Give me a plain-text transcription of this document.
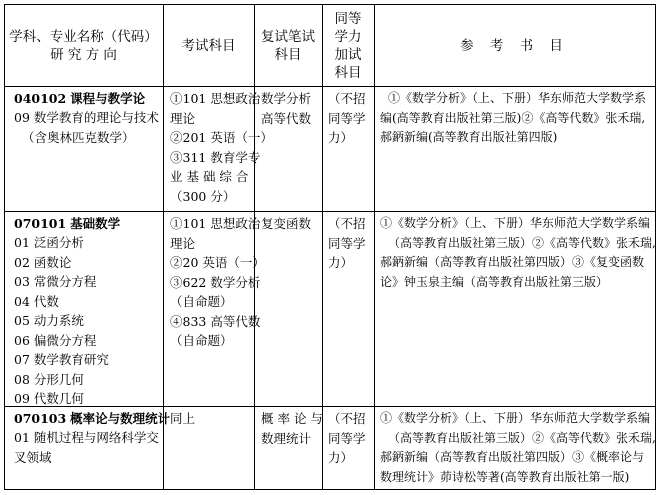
学科、专业名称（代码）
研 究 方 向
考试科目
复试笔试
科目
同等
学力
加试
科目
参 考 书 目
040102 课程与教学论
09 数学教育的理论与技术
（含奥林匹克数学）
①101 思想政治
理论
②201 英语（一）
③311 教育学专
业 基 础 综 合
（300 分）
数学分析
高等代数
（不招
同等学
力）
①《数学分析》（上、下册）华东师范大学数学系
编(高等教育出版社第三版)②《高等代数》张禾瑞,
郝鈵新编(高等教育出版社第四版)
070101 基础数学
01 泛函分析
02 函数论
03 常微分方程
04 代数
05 动力系统
06 偏微分方程
07 数学教育研究
08 分形几何
09 代数几何
①101 思想政治
理论
②20 英语（一）
③622 数学分析
（自命题）
④833 高等代数
（自命题）
复变函数 （不招
同等学
力）
①《数学分析》（上、下册）华东师范大学数学系编
（高等教育出版社第三版）②《高等代数》张禾瑞,
郝鈵新编（高等教育出版社第四版）③《复变函数
论》钟玉泉主编（高等教育出版社第三版）
070103 概率论与数理统计
01 随机过程与网络科学交
叉领域
同上	概 率 论 与
数理统计
（不招
同等学
力）
①《数学分析》（上、下册）华东师范大学数学系编
（高等教育出版社第三版）②《高等代数》张禾瑞,
郝鈵新编（高等教育出版社第四版）③《概率论与
数理统计》茆诗松等著(高等教育出版社第一版)
